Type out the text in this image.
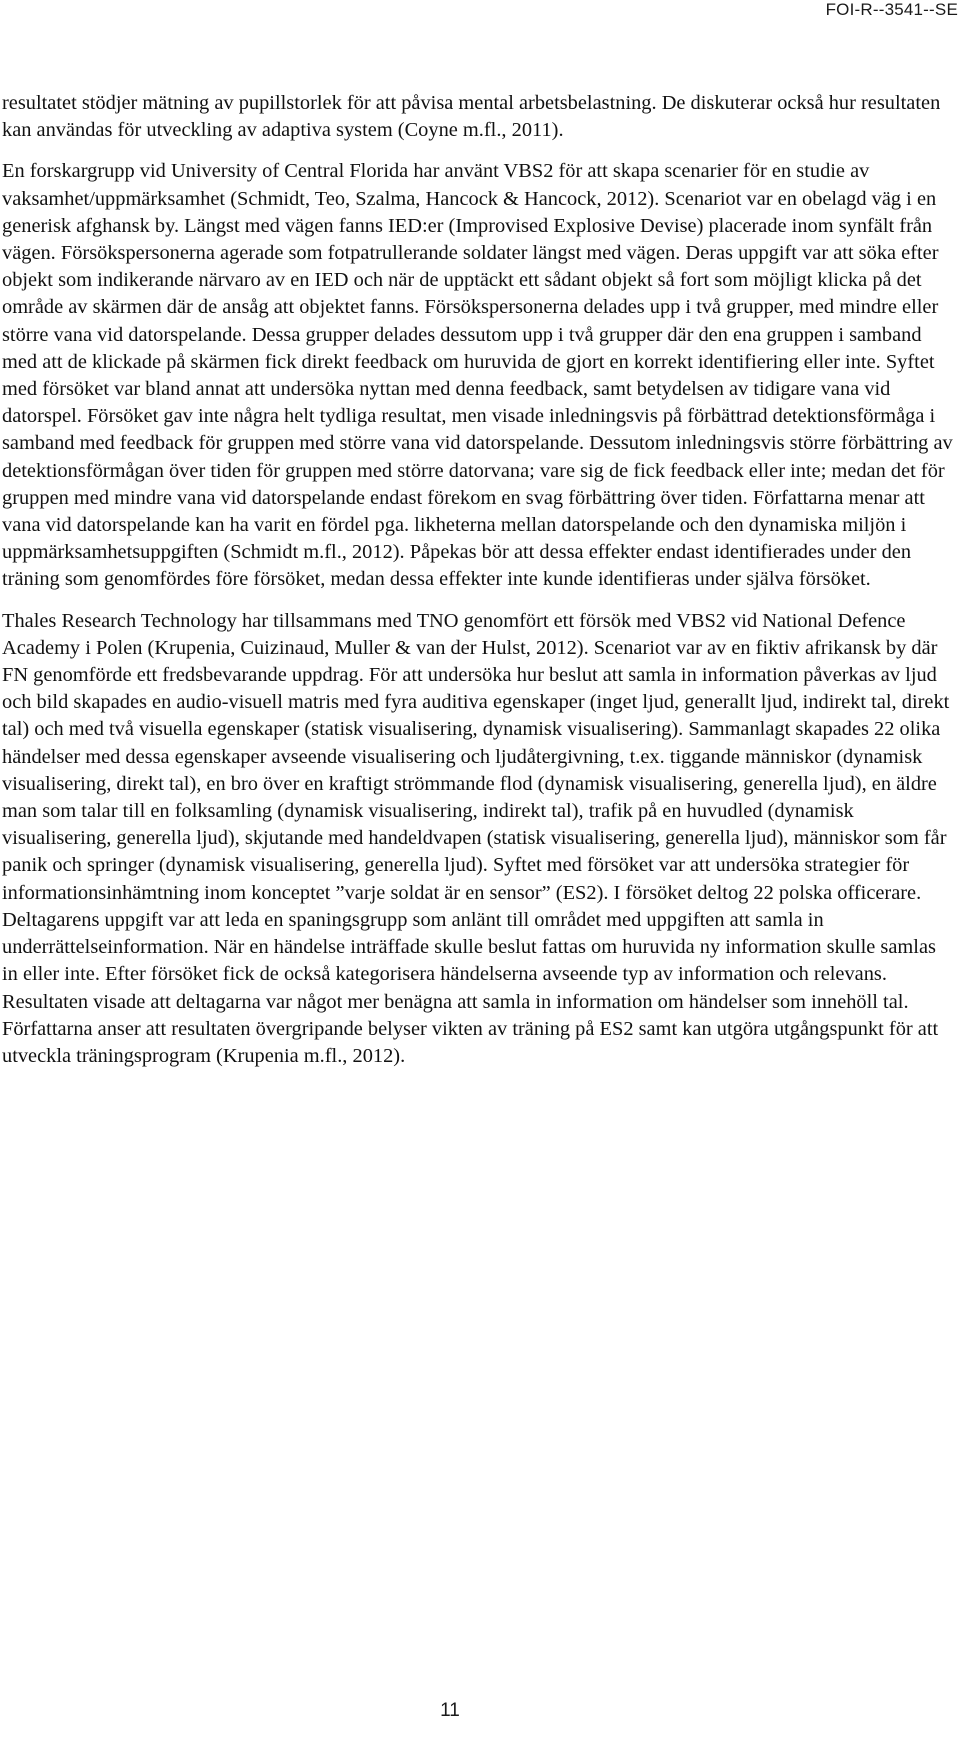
FOI-R--3541--SE

resultatet stödjer mätning av pupillstorlek för att påvisa mental arbetsbelastning. De diskuterar också hur resultaten kan användas för utveckling av adaptiva system (Coyne m.fl., 2011).

En forskargrupp vid University of Central Florida har använt VBS2 för att skapa scenarier för en studie av vaksamhet/uppmärksamhet (Schmidt, Teo, Szalma, Hancock & Hancock, 2012). Scenariot var en obelagd väg i en generisk afghansk by. Längst med vägen fanns IED:er (Improvised Explosive Devise) placerade inom synfält från vägen. Försökspersonerna agerade som fotpatrullerande soldater längst med vägen. Deras uppgift var att söka efter objekt som indikerande närvaro av en IED och när de upptäckt ett sådant objekt så fort som möjligt klicka på det område av skärmen där de ansåg att objektet fanns. Försökspersonerna delades upp i två grupper, med mindre eller större vana vid datorspelande. Dessa grupper delades dessutom upp i två grupper där den ena gruppen i samband med att de klickade på skärmen fick direkt feedback om huruvida de gjort en korrekt identifiering eller inte. Syftet med försöket var bland annat att undersöka nyttan med denna feedback, samt betydelsen av tidigare vana vid datorspel. Försöket gav inte några helt tydliga resultat, men visade inledningsvis på förbättrad detektionsförmåga i samband med feedback för gruppen med större vana vid datorspelande. Dessutom inledningsvis större förbättring av detektionsförmågan över tiden för gruppen med större datorvana; vare sig de fick feedback eller inte; medan det för gruppen med mindre vana vid datorspelande endast förekom en svag förbättring över tiden. Författarna menar att vana vid datorspelande kan ha varit en fördel pga. likheterna mellan datorspelande och den dynamiska miljön i uppmärksamhetsuppgiften (Schmidt m.fl., 2012). Påpekas bör att dessa effekter endast identifierades under den träning som genomfördes före försöket, medan dessa effekter inte kunde identifieras under själva försöket.

Thales Research Technology har tillsammans med TNO genomfört ett försök med VBS2 vid National Defence Academy i Polen (Krupenia, Cuizinaud, Muller & van der Hulst, 2012). Scenariot var av en fiktiv afrikansk by där FN genomförde ett fredsbevarande uppdrag. För att undersöka hur beslut att samla in information påverkas av ljud och bild skapades en audio-visuell matris med fyra auditiva egenskaper (inget ljud, generallt ljud, indirekt tal, direkt tal) och med två visuella egenskaper (statisk visualisering, dynamisk visualisering). Sammanlagt skapades 22 olika händelser med dessa egenskaper avseende visualisering och ljudåtergivning, t.ex. tiggande människor (dynamisk visualisering, direkt tal), en bro över en kraftigt strömmande flod (dynamisk visualisering, generella ljud), en äldre man som talar till en folksamling (dynamisk visualisering, indirekt tal), trafik på en huvudled (dynamisk visualisering, generella ljud), skjutande med handeldvapen (statisk visualisering, generella ljud), människor som får panik och springer (dynamisk visualisering, generella ljud). Syftet med försöket var att undersöka strategier för informationsinhämtning inom konceptet ”varje soldat är en sensor” (ES2). I försöket deltog 22 polska officerare. Deltagarens uppgift var att leda en spaningsgrupp som anlänt till området med uppgiften att samla in underrättelseinformation. När en händelse inträffade skulle beslut fattas om huruvida ny information skulle samlas in eller inte. Efter försöket fick de också kategorisera händelserna avseende typ av information och relevans. Resultaten visade att deltagarna var något mer benägna att samla in information om händelser som innehöll tal. Författarna anser att resultaten övergripande belyser vikten av träning på ES2 samt kan utgöra utgångspunkt för att utveckla träningsprogram (Krupenia m.fl., 2012).

11
